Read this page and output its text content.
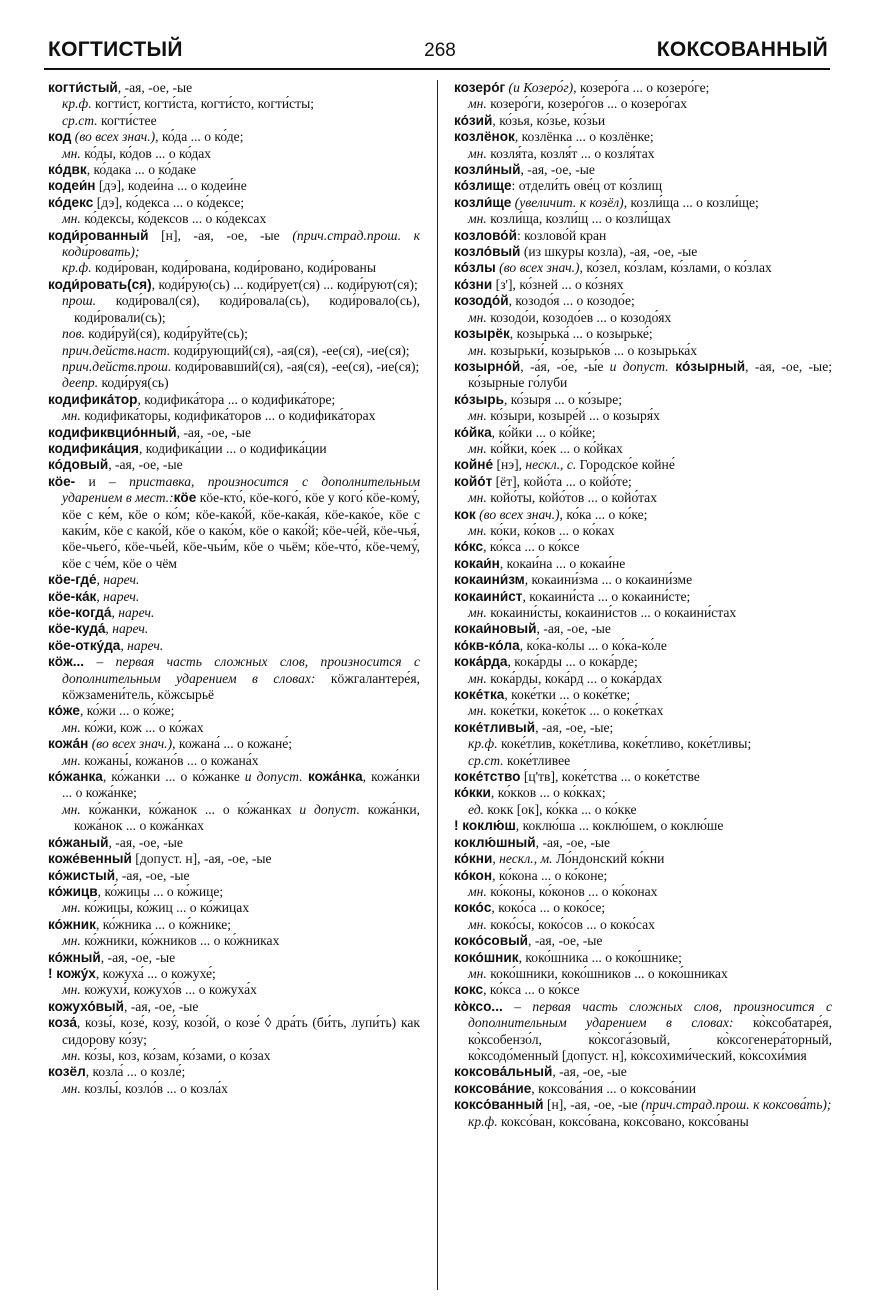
КОГТИСТЫЙ	268	КОКСОВАННЫЙ
когти́стый, -ая, -ое, -ые
кр.ф. когти́ст, когти́ста, когти́сто, когти́сты;
ср.ст. когти́стее
код (во всех знач.), ко́да ... о ко́де;
мн. ко́ды, ко́дов ... о ко́дах
ко́двк, ко́дака ... о ко́даке
кодеи́н [дэ], кодеи́на ... о кодеи́не
ко́декс [дэ], ко́декса ... о ко́дексе;
мн. ко́дексы, ко́дексов ... о ко́дексах
коди́рованный [н], -ая, -ое, -ые (прич.страд.прош. к коди́ровать);
кр.ф. коди́рован, коди́рована, коди́ровано, коди́рованы
коди́ровать(ся), коди́рую(сь) ... коди́рует(ся) ... коди́руют(ся);
прош. коди́ровал(ся), коди́ровала(сь), коди́ровало(сь), коди́ровали(сь);
пов. коди́руй(ся), коди́руйте(сь);
прич.действ.наст. коди́рующий(ся), -ая(ся), -ее(ся), -ие(ся);
прич.действ.прош. коди́ровавший(ся), -ая(ся), -ее(ся), -ие(ся);
деепр. коди́руя(сь)
кодифика́тор, кодифика́тора ... о кодифика́торе;
мн. кодифика́торы, кодифика́торов ... о кодифика́торах
кодификвцио́нный, -ая, -ое, -ые
кодифика́ция, кодифика́ции ... о кодифика́ции
ко́довый, -ая, -ое, -ые
кӧе- и – приставка, произносится с дополнительным ударением в мест.:кӧе кӧе-кто́, кӧе-кого́, кӧе у кого́ кӧе-кому́, кӧе с ке́м, кӧе о ко́м; кӧе-како́й, кӧе-кака́я, кӧе-како́е, кӧе с каки́м, кӧе с како́й, кӧе о како́м, кӧе о како́й; кӧе-че́й, кӧе-чья́, кӧе-чьего́, кӧе-чье́й, кӧе-чьи́м, кӧе о чьём; кӧе-что́, кӧе-чему́, кӧе с че́м, кӧе о чём
кӧе-где́, нареч.
кӧе-ка́к, нареч.
кӧе-когда́, нареч.
кӧе-куда́, нареч.
кӧе-отку́да, нареч.
кӧж... – первая часть сложных слов, произносится с дополнительным ударением в словах: кӧжгалантере́я, кӧжзамени́тель, кӧжсырьё
ко́же, ко́жи ... о ко́же;
мн. ко́жи, кож ... о ко́жах
кожа́н (во всех знач.), кожана́ ... о кожане́;
мн. кожаны́, кожано́в ... о кожана́х
ко́жанка, ко́жанки ... о ко́жанке и допуст. кожа́нка, кожа́нки ... о кожа́нке;
мн. ко́жанки, ко́жанок ... о ко́жанках и допуст. кожа́нки, кожа́нок ... о кожа́нках
ко́жаный, -ая, -ое, -ые
коже́венный [допуст. н], -ая, -ое, -ые
ко́жистый, -ая, -ое, -ые
ко́жицв, ко́жицы ... о ко́жице;
мн. ко́жицы, ко́жиц ... о ко́жицах
ко́жник, ко́жника ... о ко́жнике;
мн. ко́жники, ко́жников ... о ко́жниках
ко́жный, -ая, -ое, -ые
! кожу́х, кожуха́ ... о кожухе́;
мн. кожухи́, кожухо́в ... о кожуха́х
кожухо́вый, -ая, -ое, -ые
коза́, козы́, козе́, козу́, козо́й, о козе́ ◊ дра́ть (би́ть, лупи́ть) как сидорову ко́зу;
мн. ко́зы, коз, ко́зам, ко́зами, о ко́зах
козёл, козла́ ... о козле́;
мн. козлы́, козло́в ... о козла́х
козеро́г (и Козеро́г), козеро́га ... о козеро́ге;
мн. козеро́ги, козеро́гов ... о козеро́гах
ко́зий, ко́зья, ко́зье, ко́зьи
козлёнок, козлёнка ... о козлёнке;
мн. козля́та, козля́т ... о козля́тах
козли́ный, -ая, -ое, -ые
ко́злище: отдели́ть ове́ц от ко́злищ
козли́ще (увеличит. к козёл), козли́ща ... о козли́ще;
мн. козли́ща, козли́щ ... о козли́щах
козлово́й: козлово́й кран
козло́вый (из шкуры козла), -ая, -ое, -ые
ко́злы (во всех знач.), ко́зел, ко́злам, ко́злами, о ко́злах
ко́зни [з'], ко́зней ... о ко́знях
козодо́й, козодо́я ... о козодо́е;
мн. козодо́и, козодо́ев ... о козодо́ях
козырёк, козырька́ ... о козырьке́;
мн. козырьки́, козырько́в ... о козырька́х
козырно́й, -а́я, -о́е, -ы́е и допуст. ко́зырный, -ая, -ое, -ые; ко́зырные го́луби
ко́зырь, ко́зыря ... о ко́зыре;
мн. ко́зыри, козыре́й ... о козыря́х
ко́йка, ко́йки ... о ко́йке;
мн. ко́йки, ко́ек ... о ко́йках
койне́ [нэ], нескл., с. Городско́е койне́
койо́т [ёт], койо́та ... о койо́те;
мн. койо́ты, койо́тов ... о койо́тах
кок (во всех знач.), ко́ка ... о ко́ке;
мн. ко́ки, ко́ков ... о ко́ках
ко́кс, ко́кса ... о ко́ксе
кокаи́н, кокаи́на ... о кокаи́не
кокаини́зм, кокаини́зма ... о кокаини́зме
кокаини́ст, кокаини́ста ... о кокаини́сте;
мн. кокаини́сты, кокаини́стов ... о кокаини́стах
кокаи́новый, -ая, -ое, -ые
ко́кв-ко́ла, ко́ка-ко́лы ... о ко́ка-ко́ле
кока́рда, кока́рды ... о кока́рде;
мн. кока́рды, кока́рд ... о кока́рдах
коке́тка, коке́тки ... о коке́тке;
мн. коке́тки, коке́ток ... о коке́тках
коке́тливый, -ая, -ое, -ые;
кр.ф. коке́тлив, коке́тлива, коке́тливо, коке́тливы;
ср.ст. коке́тливее
коке́тство [ц'тв], коке́тства ... о коке́тстве
ко́кки, ко́кков ... о ко́кках;
ед. кокк [ок], ко́кка ... о ко́кке
! коклю́ш, коклю́ша ... коклю́шем, о коклю́ше
коклю́шный, -ая, -ое, -ые
ко́кни, нескл., м. Ло́ндонский ко́кни
ко́кон, ко́кона ... о ко́коне;
мн. ко́коны, ко́конов ... о ко́конах
коко́с, коко́са ... о коко́се;
мн. коко́сы, коко́сов ... о коко́сах
коко́совый, -ая, -ое, -ые
коко́шник, коко́шника ... о коко́шнике;
мн. коко́шники, коко́шников ... о коко́шниках
кокс, ко́кса ... о ко́ксе
ко̀ксо... – первая часть сложных слов, произносится с дополнительным ударением в словах: ко̀ксобатаре́я, ко̀ксобензо́л, ко̀ксога́зовый, ко̀ксогенера́торный, ко̀ксодо́менный [допуст. н], ко̀ксохими́ческий, ко̀ксохи́мия
коксова́льный, -ая, -ое, -ые
коксова́ние, коксова́ния ... о коксова́нии
коксо́ванный [н], -ая, -ое, -ые (прич.страд.прош. к коксова́ть);
кр.ф. коксо́ван, коксо́вана, коксо́вано, коксо́ваны
